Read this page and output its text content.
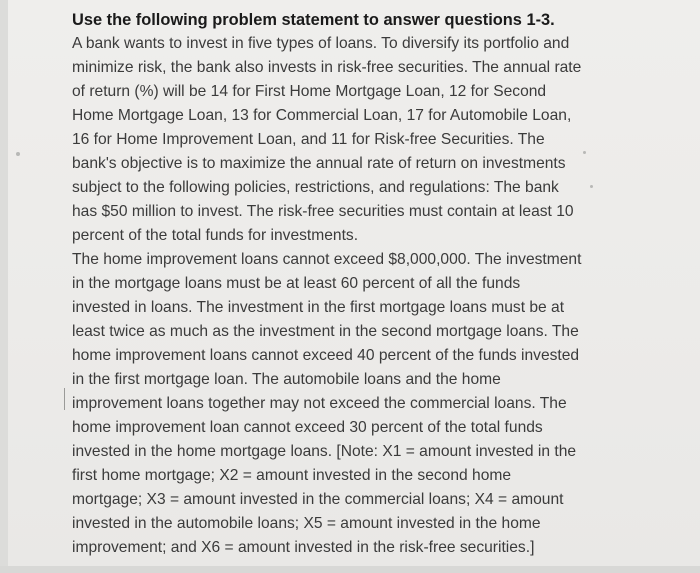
Use the following problem statement to answer questions 1-3.
A bank wants to invest in five types of loans. To diversify its portfolio and
minimize risk, the bank also invests in risk-free securities. The annual rate
of return (%) will be 14 for First Home Mortgage Loan, 12 for Second
Home Mortgage Loan, 13 for Commercial Loan, 17 for Automobile Loan,
16 for Home Improvement Loan, and 11 for Risk-free Securities. The
bank's objective is to maximize the annual rate of return on investments
subject to the following policies, restrictions, and regulations: The bank
has $50 million to invest. The risk-free securities must contain at least 10
percent of the total funds for investments.
The home improvement loans cannot exceed $8,000,000. The investment
in the mortgage loans must be at least 60 percent of all the funds
invested in loans. The investment in the first mortgage loans must be at
least twice as much as the investment in the second mortgage loans. The
home improvement loans cannot exceed 40 percent of the funds invested
in the first mortgage loan. The automobile loans and the home
improvement loans together may not exceed the commercial loans. The
home improvement loan cannot exceed 30 percent of the total funds
invested in the home mortgage loans. [Note: X1 = amount invested in the
first home mortgage; X2 = amount invested in the second home
mortgage; X3 = amount invested in the commercial loans; X4 = amount
invested in the automobile loans; X5 = amount invested in the home
improvement; and X6 = amount invested in the risk-free securities.]
